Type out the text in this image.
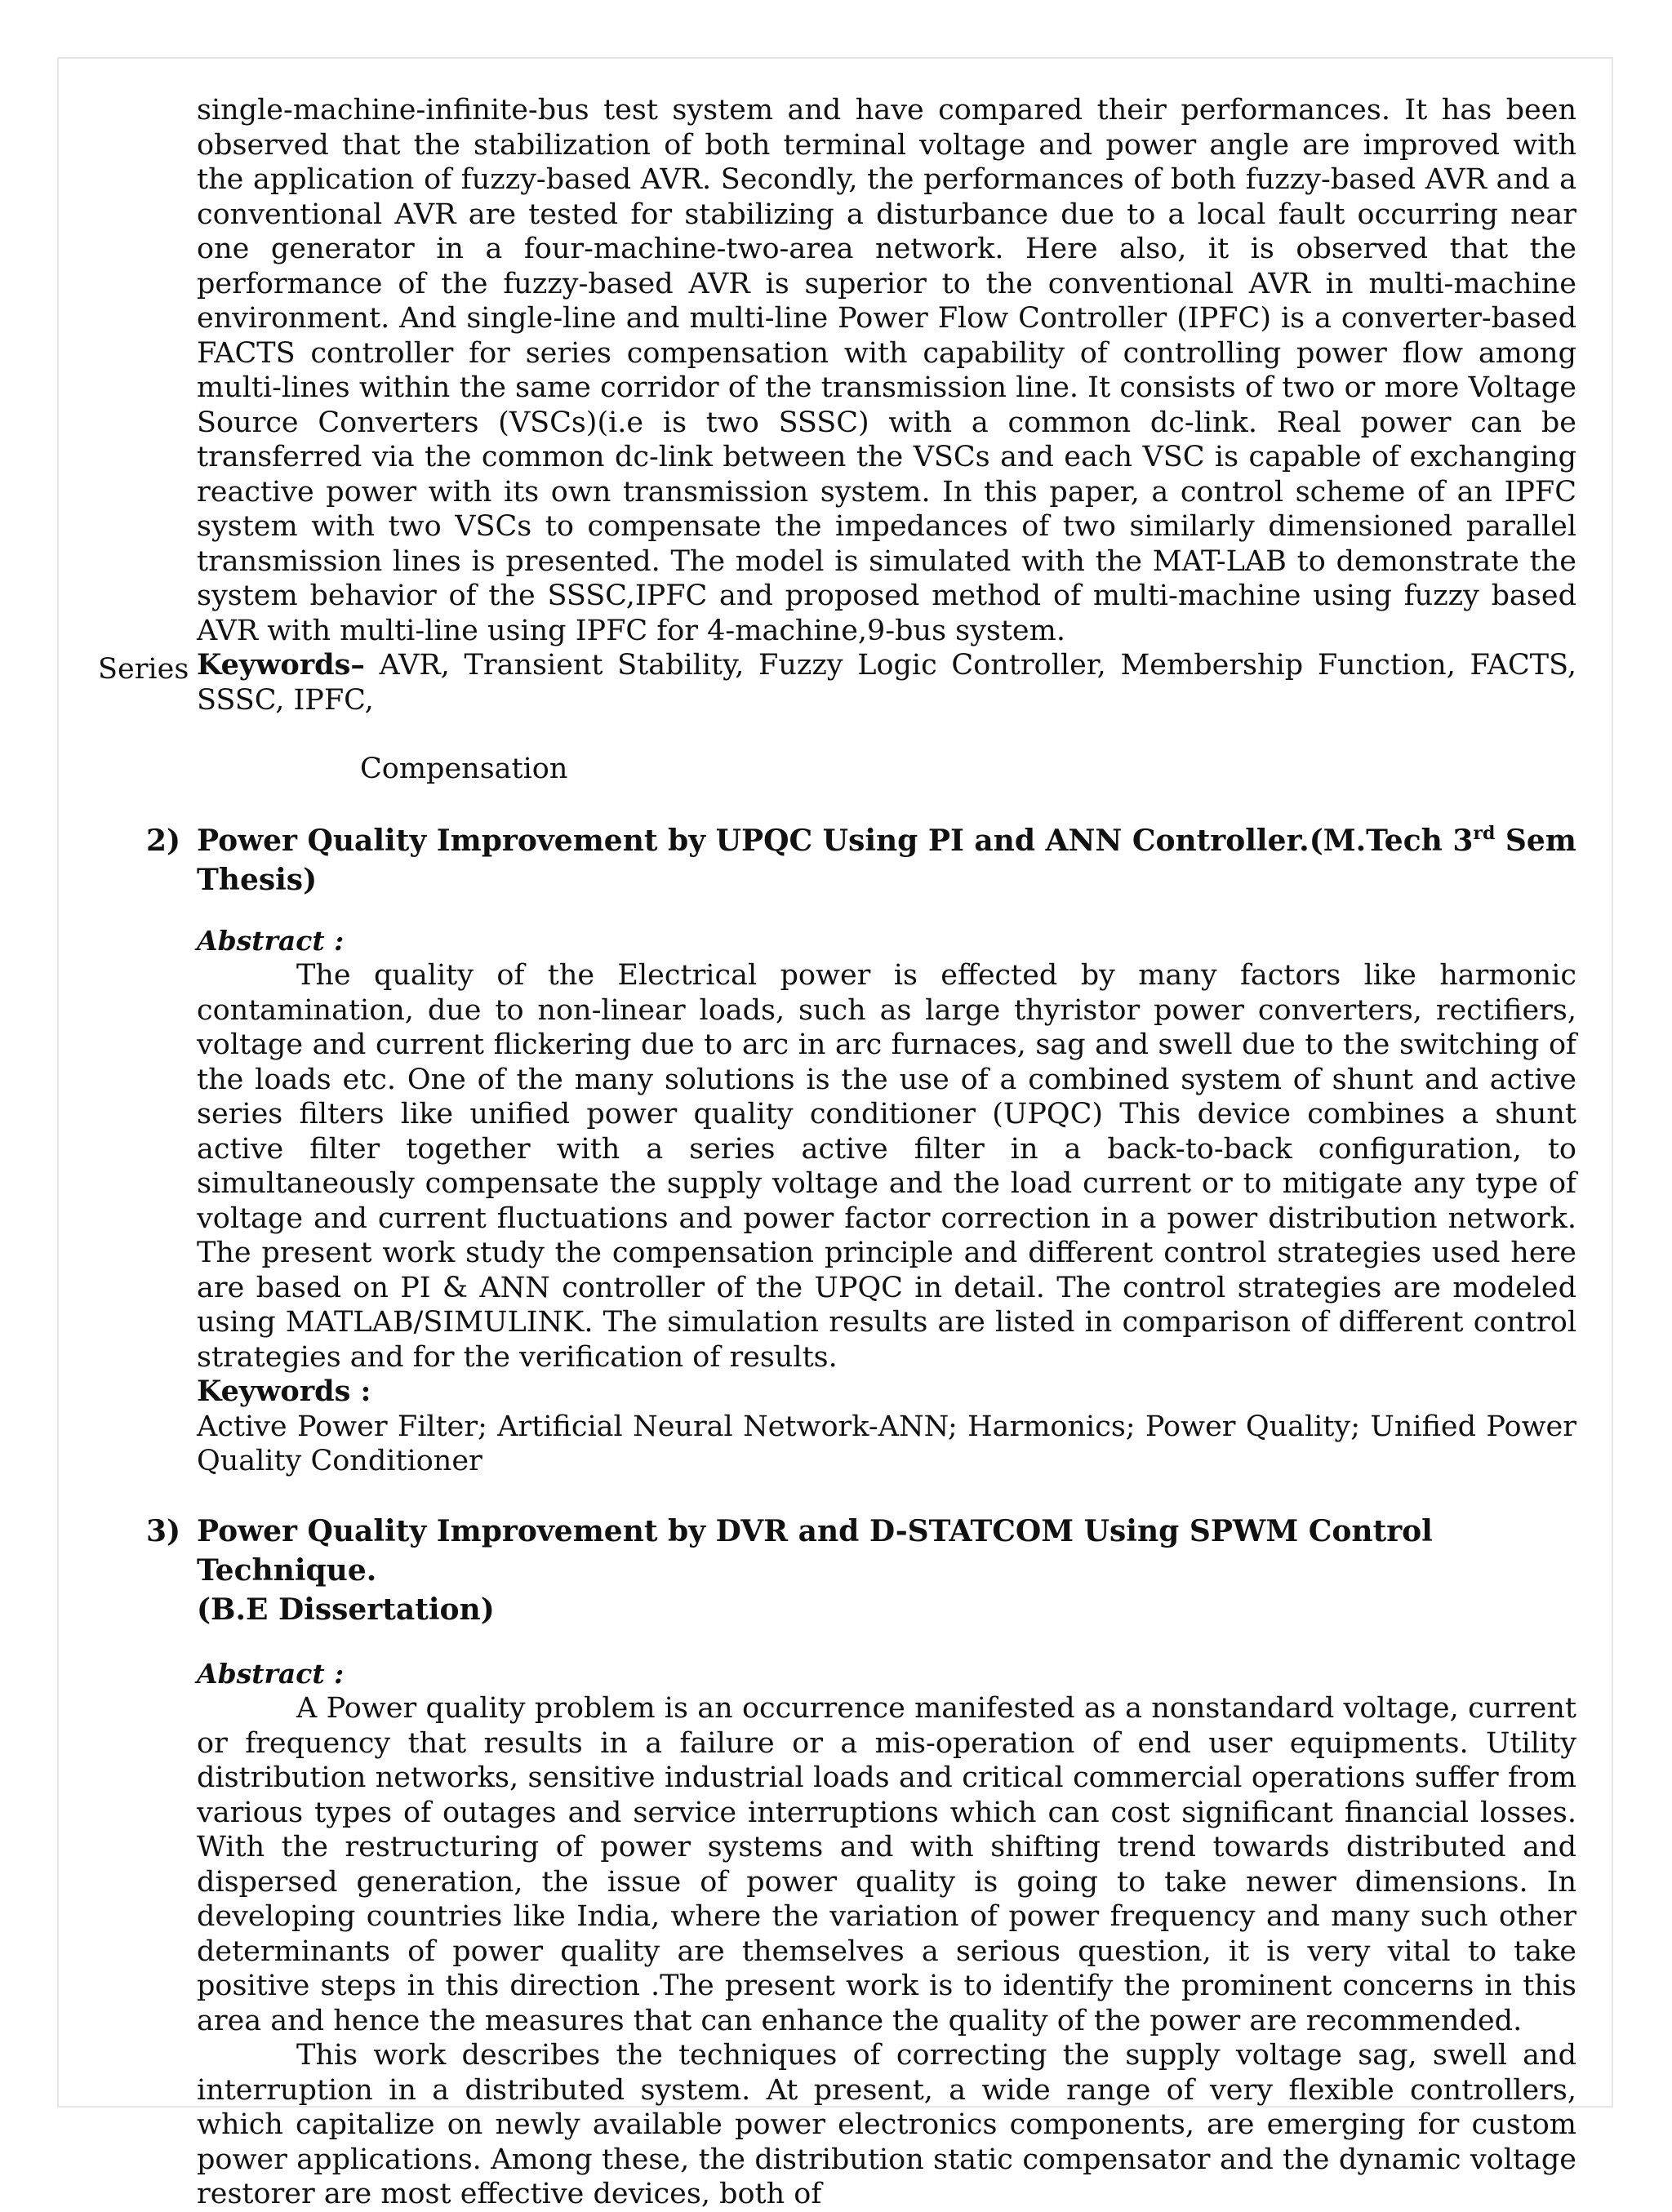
Series

single-machine-infinite-bus test system and have compared their performances. It has been observed that the stabilization of both terminal voltage and power angle are improved with the application of fuzzy-based AVR. Secondly, the performances of both fuzzy-based AVR and a conventional AVR are tested for stabilizing a disturbance due to a local fault occurring near one generator in a four-machine-two-area network. Here also, it is observed that the performance of the fuzzy-based AVR is superior to the conventional AVR in multi-machine environment. And single-line and multi-line Power Flow Controller (IPFC) is a converter-based FACTS controller for series compensation with capability of controlling power flow among multi-lines within the same corridor of the transmission line. It consists of two or more Voltage Source Converters (VSCs)(i.e is two SSSC) with a common dc-link. Real power can be transferred via the common dc-link between the VSCs and each VSC is capable of exchanging reactive power with its own transmission system. In this paper, a control scheme of an IPFC system with two VSCs to compensate the impedances of two similarly dimensioned parallel transmission lines is presented. The model is simulated with the MAT-LAB to demonstrate the system behavior of the SSSC,IPFC and proposed method of multi-machine using fuzzy based AVR with multi-line using IPFC for 4-machine,9-bus system.

Keywords– AVR, Transient Stability, Fuzzy Logic Controller, Membership Function, FACTS, SSSC, IPFC,

Compensation

2) Power Quality Improvement by UPQC Using PI and ANN Controller.(M.Tech 3rd Sem Thesis)

Abstract :

The quality of the Electrical power is effected by many factors like harmonic contamination, due to non-linear loads, such as large thyristor power converters, rectifiers, voltage and current flickering due to arc in arc furnaces, sag and swell due to the switching of the loads etc. One of the many solutions is the use of a combined system of shunt and active series filters like unified power quality conditioner (UPQC) This device combines a shunt active filter together with a series active filter in a back-to-back configuration, to simultaneously compensate the supply voltage and the load current or to mitigate any type of voltage and current fluctuations and power factor correction in a power distribution network. The present work study the compensation principle and different control strategies used here are based on PI & ANN controller of the UPQC in detail. The control strategies are modeled using MATLAB/SIMULINK. The simulation results are listed in comparison of different control strategies and for the verification of results.

Keywords :

Active Power Filter; Artificial Neural Network-ANN; Harmonics; Power Quality; Unified Power Quality Conditioner

3) Power Quality Improvement by DVR and D-STATCOM Using SPWM Control Technique.
(B.E Dissertation)

Abstract :

A Power quality problem is an occurrence manifested as a nonstandard voltage, current or frequency that results in a failure or a mis-operation of end user equipments. Utility distribution networks, sensitive industrial loads and critical commercial operations suffer from various types of outages and service interruptions which can cost significant financial losses. With the restructuring of power systems and with shifting trend towards distributed and dispersed generation, the issue of power quality is going to take newer dimensions. In developing countries like India, where the variation of power frequency and many such other determinants of power quality are themselves a serious question, it is very vital to take positive steps in this direction .The present work is to identify the prominent concerns in this area and hence the measures that can enhance the quality of the power are recommended.

This work describes the techniques of correcting the supply voltage sag, swell and interruption in a distributed system. At present, a wide range of very flexible controllers, which capitalize on newly available power electronics components, are emerging for custom power applications. Among these, the distribution static compensator and the dynamic voltage restorer are most effective devices, both of
